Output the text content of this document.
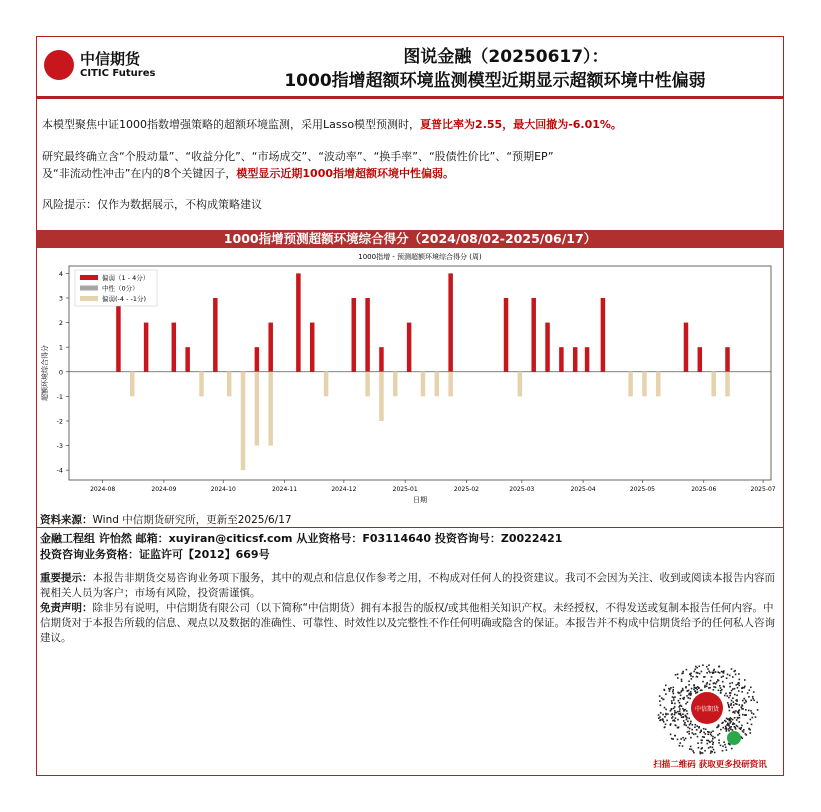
中信期货
CITIC Futures
图说金融（20250617）：
1000指增超额环境监测模型近期显示超额环境中性偏弱
本模型聚焦中证1000指数增强策略的超额环境监测，采用Lasso模型预测时，夏普比率为2.55，最大回撤为-6.01%。
研究最终确立含“个股动量”、“收益分化”、“市场成交”、“波动率”、“换手率”、“股债性价比”、“预期EP”
及“非流动性冲击”在内的8个关键因子，模型显示近期1000指增超额环境中性偏弱。
风险提示：仅作为数据展示，不构成策略建议
1000指增预测超额环境综合得分（2024/08/02-2025/06/17）
1000指增 - 预测超额环境综合得分 (周)
-4
-3
-2
-1
0
1
2
3
4
2024-08	2024-09	2024-10	2024-11	2024-12	2025-01	2025-02	2025-03	2025-04	2025-05	2025-06	2025-07
日期
超额环境综合得分
偏弱（1 - 4分）
中性（0分）
偏弱(-4 - -1分)
资料来源：Wind 中信期货研究所，更新至2025/6/17
金融工程组 许怡然 邮箱：xuyiran@citicsf.com 从业资格号：F03114640 投资咨询号：Z0022421
投资咨询业务资格：证监许可【2012】669号
重要提示：本报告非期货交易咨询业务项下服务，其中的观点和信息仅作参考之用，不构成对任何人的投资建议。我司不会因为关注、收到或阅读本报告内容而视相关人员为客户；市场有风险，投资需谨慎。
免责声明：除非另有说明，中信期货有限公司（以下简称“中信期货）拥有本报告的版权/或其他相关知识产权。未经授权，不得发送或复制本报告任何内容。中信期货对于本报告所载的信息、观点以及数据的准确性、可靠性、时效性以及完整性不作任何明确或隐含的保证。本报告并不构成中信期货给予的任何私人咨询建议。
中信期货
扫描二维码 获取更多投研资讯
